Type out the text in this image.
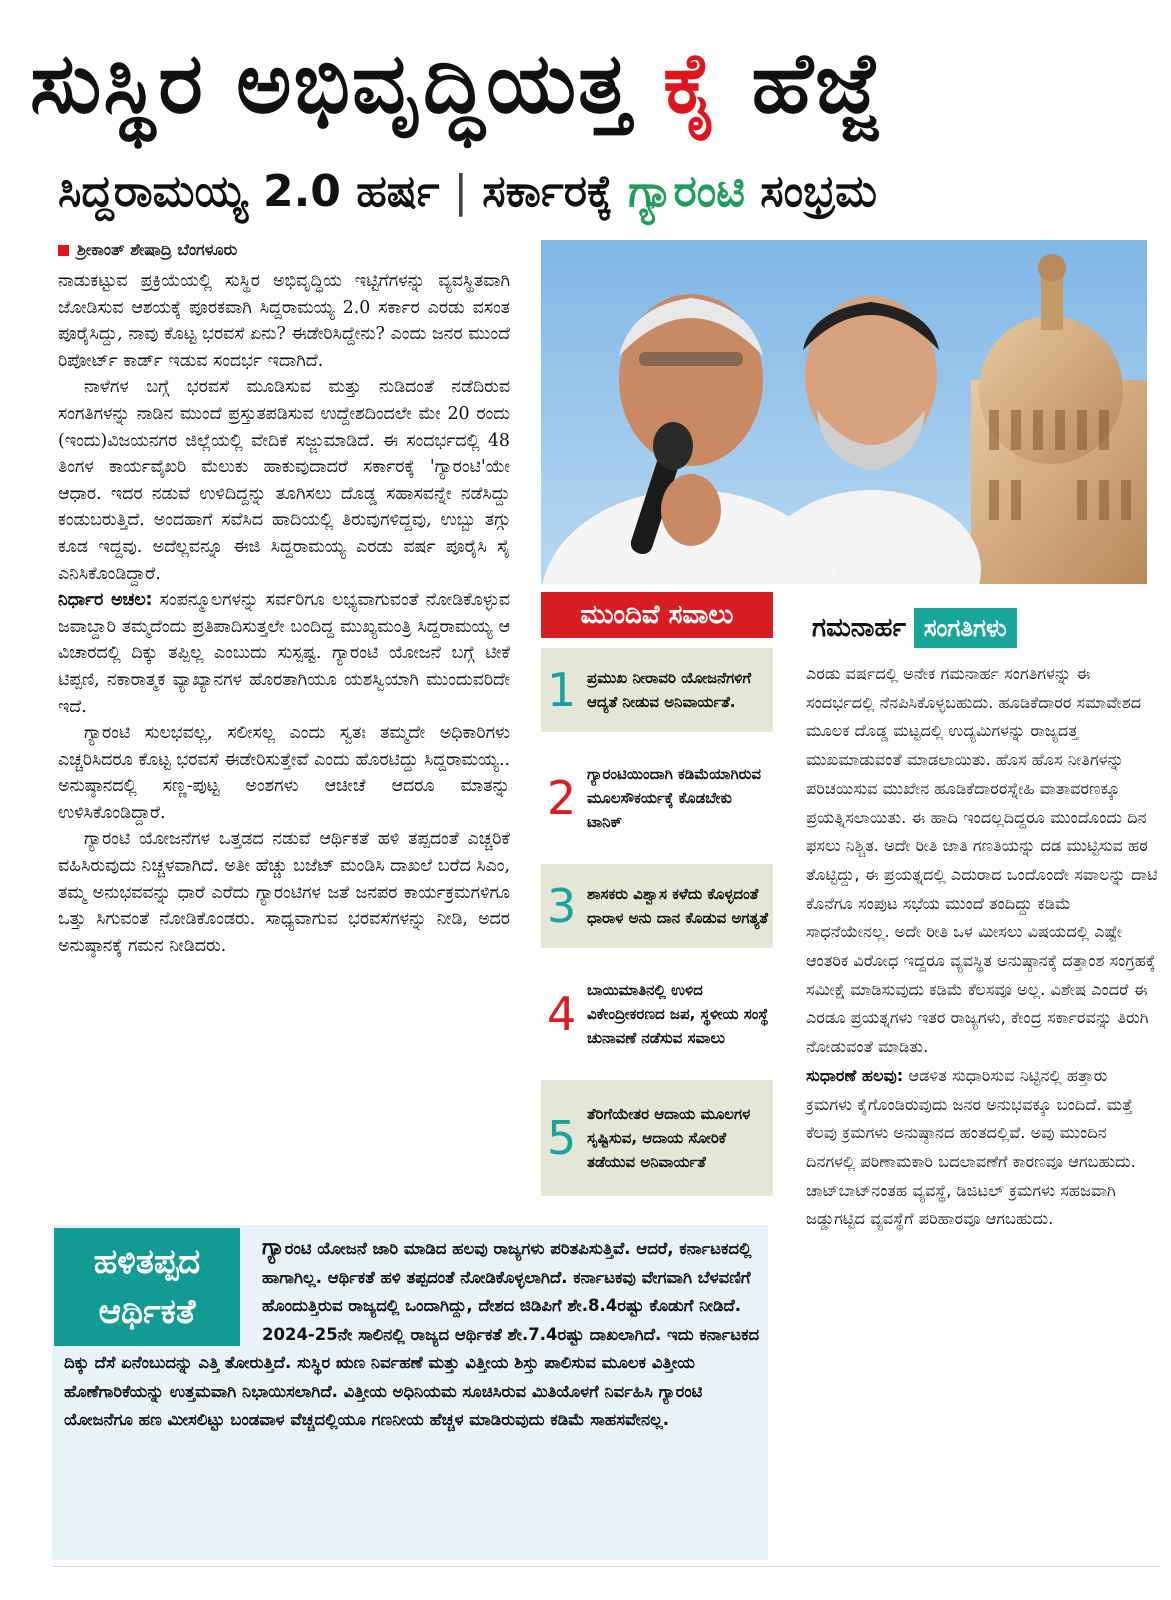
ಸುಸ್ಥಿರ ಅಭಿವೃದ್ಧಿಯತ್ತ ಕೈ ಹೆಜ್ಜೆ
ಸಿದ್ದರಾಮಯ್ಯ 2.0 ಹರ್ಷ | ಸರ್ಕಾರಕ್ಕೆ ಗ್ಯಾರಂಟಿ ಸಂಭ್ರಮ
ಶ್ರೀಕಾಂತ್ ಶೇಷಾದ್ರಿ ಬೆಂಗಳೂರು

ನಾಡುಕಟ್ಟುವ ಪ್ರಕ್ರಿಯೆಯಲ್ಲಿ ಸುಸ್ಥಿರ ಅಭಿವೃದ್ಧಿಯ ಇಟ್ಟಿಗೆಗಳನ್ನು ವ್ಯವಸ್ಥಿತವಾಗಿ ಜೋಡಿಸುವ ಆಶಯಕ್ಕೆ ಪೂರಕವಾಗಿ ಸಿದ್ದರಾಮಯ್ಯ 2.0 ಸರ್ಕಾರ ಎರಡು ವಸಂತ ಪೂರೈಸಿದ್ದು, ನಾವು ಕೊಟ್ಟ ಭರವಸೆ ಏನು? ಈಡೇರಿಸಿದ್ದೇನು? ಎಂದು ಜನರ ಮುಂದೆ ರಿಪೋರ್ಟ್ ಕಾರ್ಡ್ ಇಡುವ ಸಂದರ್ಭ ಇದಾಗಿದೆ.

ನಾಳೆಗಳ ಬಗ್ಗೆ ಭರವಸೆ ಮೂಡಿಸುವ ಮತ್ತು ನುಡಿದಂತೆ ನಡೆದಿರುವ ಸಂಗತಿಗಳನ್ನು ನಾಡಿನ ಮುಂದೆ ಪ್ರಸ್ತುತಪಡಿಸುವ ಉದ್ದೇಶದಿಂದಲೇ ಮೇ 20 ರಂದು (ಇಂದು)ವಿಜಯನಗರ ಜಿಲ್ಲೆಯಲ್ಲಿ ವೇದಿಕೆ ಸಜ್ಜುಮಾಡಿದೆ. ಈ ಸಂದರ್ಭದಲ್ಲಿ 48 ತಿಂಗಳ ಕಾರ್ಯವೈಖರಿ ಮೆಲುಕು ಹಾಕುವುದಾದರೆ ಸರ್ಕಾರಕ್ಕೆ 'ಗ್ಯಾರಂಟಿ'ಯೇ ಆಧಾರ. ಇದರ ನಡುವೆ ಉಳಿದಿದ್ದನ್ನು ತೂಗಿಸಲು ದೊಡ್ಡ ಸಹಾಸವನ್ನೇ ನಡೆಸಿದ್ದು ಕಂಡುಬರುತ್ತಿದೆ. ಅಂದಹಾಗೆ ಸವೆಸಿದ ಹಾದಿಯಲ್ಲಿ ತಿರುವುಗಳಿದ್ದವು, ಉಬ್ಬು ತಗ್ಗು ಕೂಡ ಇದ್ದವು. ಅದೆಲ್ಲವನ್ನೂ ಈಜಿ ಸಿದ್ದರಾಮಯ್ಯ ಎರಡು ವರ್ಷ ಪೂರೈಸಿ ಸೈ ಎನಿಸಿಕೊಂಡಿದ್ದಾರೆ.

ನಿರ್ಧಾರ ಅಚಲ: ಸಂಪನ್ಮೂಲಗಳನ್ನು ಸರ್ವರಿಗೂ ಲಭ್ಯವಾಗುವಂತೆ ನೋಡಿಕೊಳ್ಳುವ ಜವಾಬ್ದಾರಿ ತಮ್ಮದೆಂದು ಪ್ರತಿಪಾದಿಸುತ್ತಲೇ ಬಂದಿದ್ದ ಮುಖ್ಯಮಂತ್ರಿ ಸಿದ್ದರಾಮಯ್ಯ ಆ ವಿಚಾರದಲ್ಲಿ ದಿಕ್ಕು ತಪ್ಪಿಲ್ಲ ಎಂಬುದು ಸುಸ್ಪಷ್ಟ. ಗ್ಯಾರಂಟಿ ಯೋಜನೆ ಬಗ್ಗೆ ಟೀಕೆ ಟಿಪ್ಪಣಿ, ನಕಾರಾತ್ಮಕ ವ್ಯಾಖ್ಯಾನಗಳ ಹೊರತಾಗಿಯೂ ಯಶಸ್ವಿಯಾಗಿ ಮುಂದುವರಿದೇ ಇದೆ.

ಗ್ಯಾರಂಟಿ ಸುಲಭವಲ್ಲ, ಸಲೀಸಲ್ಲ ಎಂದು ಸ್ವತಃ ತಮ್ಮದೇ ಅಧಿಕಾರಿಗಳು ಎಚ್ಚರಿಸಿದರೂ ಕೊಟ್ಟ ಭರವಸೆ ಈಡೇರಿಸುತ್ತೇವೆ ಎಂದು ಹೊರಟಿದ್ದು ಸಿದ್ದರಾಮಯ್ಯ.. ಅನುಷ್ಠಾನದಲ್ಲಿ ಸಣ್ಣ-ಪುಟ್ಟ ಅಂಶಗಳು ಆಚೀಚೆ ಆದರೂ ಮಾತನ್ನು ಉಳಿಸಿಕೊಂಡಿದ್ದಾರೆ.

ಗ್ಯಾರಂಟಿ ಯೋಜನೆಗಳ ಒತ್ತಡದ ನಡುವೆ ಆರ್ಥಿಕತೆ ಹಳಿ ತಪ್ಪದಂತೆ ಎಚ್ಚರಿಕೆ ವಹಿಸಿರುವುದು ನಿಚ್ಚಳವಾಗಿದೆ. ಅತೀ ಹೆಚ್ಚು ಬಜೆಟ್ ಮಂಡಿಸಿ ದಾಖಲೆ ಬರೆದ ಸಿಎಂ, ತಮ್ಮ ಅನುಭವವನ್ನು ಧಾರೆ ಎರೆದು ಗ್ಯಾರಂಟಿಗಳ ಜತೆ ಜನಪರ ಕಾರ್ಯಕ್ರಮಗಳಿಗೂ ಒತ್ತು ಸಿಗುವಂತೆ ನೋಡಿಕೊಂಡರು. ಸಾಧ್ಯವಾಗುವ ಭರವಸೆಗಳನ್ನು ನೀಡಿ, ಅದರ ಅನುಷ್ಠಾನಕ್ಕೆ ಗಮನ ನೀಡಿದರು.

ಮುಂದಿವೆ ಸವಾಲು
1 ಪ್ರಮುಖ ನೀರಾವರಿ ಯೋಜನೆಗಳಿಗೆ ಆದ್ಯತೆ ನೀಡುವ ಅನಿವಾರ್ಯತೆ.
2 ಗ್ಯಾರಂಟಿಯಿಂದಾಗಿ ಕಡಿಮೆಯಾಗಿರುವ ಮೂಲಸೌಕರ್ಯಕ್ಕೆ ಕೊಡಬೇಕು ಟಾನಿಕ್
3 ಶಾಸಕರು ವಿಶ್ವಾಸ ಕಳೆದು ಕೊಳ್ಳದಂತೆ ಧಾರಾಳ ಅನು ದಾನ ಕೊಡುವ ಅಗತ್ಯತೆ
4 ಬಾಯಿಮಾತಿನಲ್ಲಿ ಉಳಿದ ವಿಕೇಂದ್ರೀಕರಣದ ಜಪ, ಸ್ಥಳೀಯ ಸಂಸ್ಥೆ ಚುನಾವಣೆ ನಡೆಸುವ ಸವಾಲು
5 ತೆರಿಗೆಯೇತರ ಆದಾಯ ಮೂಲಗಳ ಸೃಷ್ಟಿಸುವ, ಆದಾಯ ಸೋರಿಕೆ ತಡೆಯುವ ಅನಿವಾರ್ಯತೆ
ಗಮನಾರ್ಹ ಸಂಗತಿಗಳು

ಎರಡು ವರ್ಷದಲ್ಲಿ ಅನೇಕ ಗಮನಾರ್ಹ ಸಂಗತಿಗಳನ್ನು ಈ ಸಂದರ್ಭದಲ್ಲಿ ನೆನಪಿಸಿಕೊಳ್ಳಬಹುದು. ಹೂಡಿಕೆದಾರರ ಸಮಾವೇಶದ ಮೂಲಕ ದೊಡ್ಡ ಮಟ್ಟದಲ್ಲಿ ಉದ್ಯಮಿಗಳನ್ನು ರಾಜ್ಯದತ್ತ ಮುಖಮಾಡುವಂತೆ ಮಾಡಲಾಯಿತು. ಹೊಸ ಹೊಸ ನೀತಿಗಳನ್ನು ಪರಿಚಯಿಸುವ ಮುಖೇನ ಹೂಡಿಕೆದಾರರಸ್ನೇಹಿ ವಾತಾವರಣಕ್ಕೂ ಪ್ರಯತ್ನಿಸಲಾಯಿತು. ಈ ಹಾದಿ ಇಂದಲ್ಲದಿದ್ದರೂ ಮುಂದೊಂದು ದಿನ ಫಸಲು ನಿಶ್ಚಿತ. ಅದೇ ರೀತಿ ಜಾತಿ ಗಣತಿಯನ್ನು ದಡ ಮುಟ್ಟಿಸುವ ಹಠ ತೊಟ್ಟಿದ್ದು, ಈ ಪ್ರಯತ್ನದಲ್ಲಿ ಎದುರಾದ ಒಂದೊಂದೇ ಸವಾಲನ್ನು ದಾಟಿ ಕೊನೆಗೂ ಸಂಪುಟ ಸಭೆಯ ಮುಂದೆ ತಂದಿದ್ದು ಕಡಿಮೆ ಸಾಧನೆಯೇನಲ್ಲ. ಅದೇ ರೀತಿ ಒಳ ಮೀಸಲು ವಿಷಯದಲ್ಲಿ ಎಷ್ಟೇ ಆಂತರಿಕ ವಿರೋಧ ಇದ್ದರೂ ವ್ಯವಸ್ಥಿತ ಅನುಷ್ಠಾನಕ್ಕೆ ದತ್ತಾಂಶ ಸಂಗ್ರಹಕ್ಕೆ ಸಮೀಕ್ಷೆ ಮಾಡಿಸುವುದು ಕಡಿಮೆ ಕೆಲಸವೂ ಅಲ್ಲ. ವಿಶೇಷ ಎಂದರೆ ಈ ಎರಡೂ ಪ್ರಯತ್ನಗಳು ಇತರ ರಾಜ್ಯಗಳು, ಕೇಂದ್ರ ಸರ್ಕಾರವನ್ನು ತಿರುಗಿ ನೋಡುವಂತೆ ಮಾಡಿತು.

ಸುಧಾರಣೆ ಹಲವು: ಆಡಳಿತ ಸುಧಾರಿಸುವ ನಿಟ್ಟಿನಲ್ಲಿ ಹತ್ತಾರು ಕ್ರಮಗಳು ಕೈಗೊಂಡಿರುವುದು ಜನರ ಅನುಭವಕ್ಕೂ ಬಂದಿದೆ. ಮತ್ತೆ ಕೆಲವು ಕ್ರಮಗಳು ಅನುಷ್ಠಾನದ ಹಂತದಲ್ಲಿವೆ. ಅವು ಮುಂದಿನ ದಿನಗಳಲ್ಲಿ ಪರಿಣಾಮಕಾರಿ ಬದಲಾವಣೆಗೆ ಕಾರಣವೂ ಆಗಬಹುದು. ಚಾಟ್‌ಬಾಟ್‌ನಂತಹ ವ್ಯವಸ್ಥೆ, ಡಿಜಿಟಲ್ ಕ್ರಮಗಳು ಸಹಜವಾಗಿ ಜಡ್ಡುಗಟ್ಟಿದ ವ್ಯವಸ್ಥೆಗೆ ಪರಿಹಾರವೂ ಆಗಬಹುದು.

ಹಳಿತಪ್ಪದ
ಆರ್ಥಿಕತೆ
ಗ್ಯಾರಂಟಿ ಯೋಜನೆ ಜಾರಿ ಮಾಡಿದ ಹಲವು ರಾಜ್ಯಗಳು ಪರಿತಪಿಸುತ್ತಿವೆ. ಆದರೆ, ಕರ್ನಾಟಕದಲ್ಲಿ ಹಾಗಾಗಿಲ್ಲ. ಆರ್ಥಿಕತೆ ಹಳಿ ತಪ್ಪದಂತೆ ನೋಡಿಕೊಳ್ಳಲಾಗಿದೆ. ಕರ್ನಾಟಕವು ವೇಗವಾಗಿ ಬೆಳವಣಿಗೆ ಹೊಂದುತ್ತಿರುವ ರಾಜ್ಯದಲ್ಲಿ ಒಂದಾಗಿದ್ದು, ದೇಶದ ಜಿಡಿಪಿಗೆ ಶೇ.8.4ರಷ್ಟು ಕೊಡುಗೆ ನೀಡಿದೆ. 2024-25ನೇ ಸಾಲಿನಲ್ಲಿ ರಾಜ್ಯದ ಆರ್ಥಿಕತೆ ಶೇ.7.4ರಷ್ಟು ದಾಖಲಾಗಿದೆ. ಇದು ಕರ್ನಾಟಕದ ದಿಕ್ಕು ದೆಸೆ ಏನೆಂಬುದನ್ನು ಎತ್ತಿ ತೋರುತ್ತಿದೆ. ಸುಸ್ಥಿರ ಋಣ ನಿರ್ವಹಣೆ ಮತ್ತು ವಿತ್ತೀಯ ಶಿಸ್ತು ಪಾಲಿಸುವ ಮೂಲಕ ವಿತ್ತೀಯ ಹೊಣೆಗಾರಿಕೆಯನ್ನು ಉತ್ತಮವಾಗಿ ನಿಭಾಯಿಸಲಾಗಿದೆ. ವಿತ್ತೀಯ ಅಧಿನಿಯಮ ಸೂಚಿಸಿರುವ ಮಿತಿಯೊಳಗೆ ನಿರ್ವಹಿಸಿ ಗ್ಯಾರಂಟಿ ಯೋಜನೆಗೂ ಹಣ ಮೀಸಲಿಟ್ಟು ಬಂಡವಾಳ ವೆಚ್ಚದಲ್ಲಿಯೂ ಗಣನೀಯ ಹೆಚ್ಚಳ ಮಾಡಿರುವುದು ಕಡಿಮೆ ಸಾಹಸವೇನಲ್ಲ.
